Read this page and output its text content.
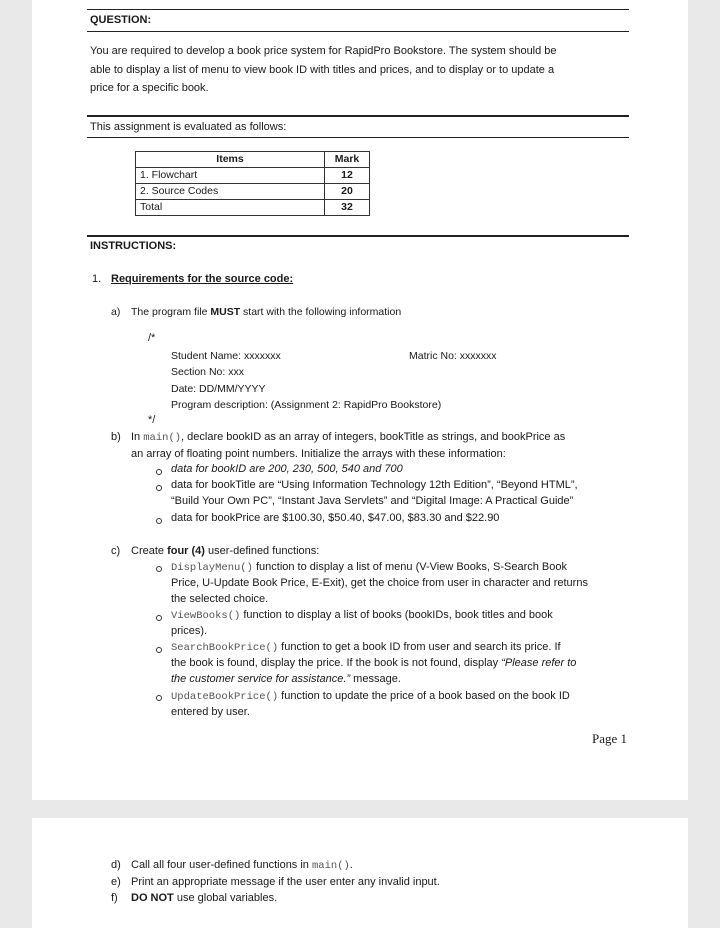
QUESTION:
You are required to develop a book price system for RapidPro Bookstore. The system should be
able to display a list of menu to view book ID with titles and prices, and to display or to update a
price for a specific book.
This assignment is evaluated as follows:
Items	Mark
1. Flowchart	12
2. Source Codes	20
Total	32
INSTRUCTIONS:
1. Requirements for the source code:
a) The program file MUST start with the following information
/*
Student Name: xxxxxxx	Matric No: xxxxxxx
Section No: xxx
Date: DD/MM/YYYY
Program description: (Assignment 2: RapidPro Bookstore)
*/
b) In main(), declare bookID as an array of integers, bookTitle as strings, and bookPrice as
an array of floating point numbers. Initialize the arrays with these information:
data for bookID are 200, 230, 500, 540 and 700
data for bookTitle are “Using Information Technology 12th Edition”, “Beyond HTML”,
“Build Your Own PC”, “Instant Java Servlets” and “Digital Image: A Practical Guide”
data for bookPrice are $100.30, $50.40, $47.00, $83.30 and $22.90
c) Create four (4) user-defined functions:
DisplayMenu() function to display a list of menu (V-View Books, S-Search Book
Price, U-Update Book Price, E-Exit), get the choice from user in character and returns
the selected choice.
ViewBooks() function to display a list of books (bookIDs, book titles and book
prices).
SearchBookPrice() function to get a book ID from user and search its price. If
the book is found, display the price. If the book is not found, display “Please refer to
the customer service for assistance.” message.
UpdateBookPrice() function to update the price of a book based on the book ID
entered by user.
Page 1
d) Call all four user-defined functions in main().
e) Print an appropriate message if the user enter any invalid input.
f) DO NOT use global variables.
